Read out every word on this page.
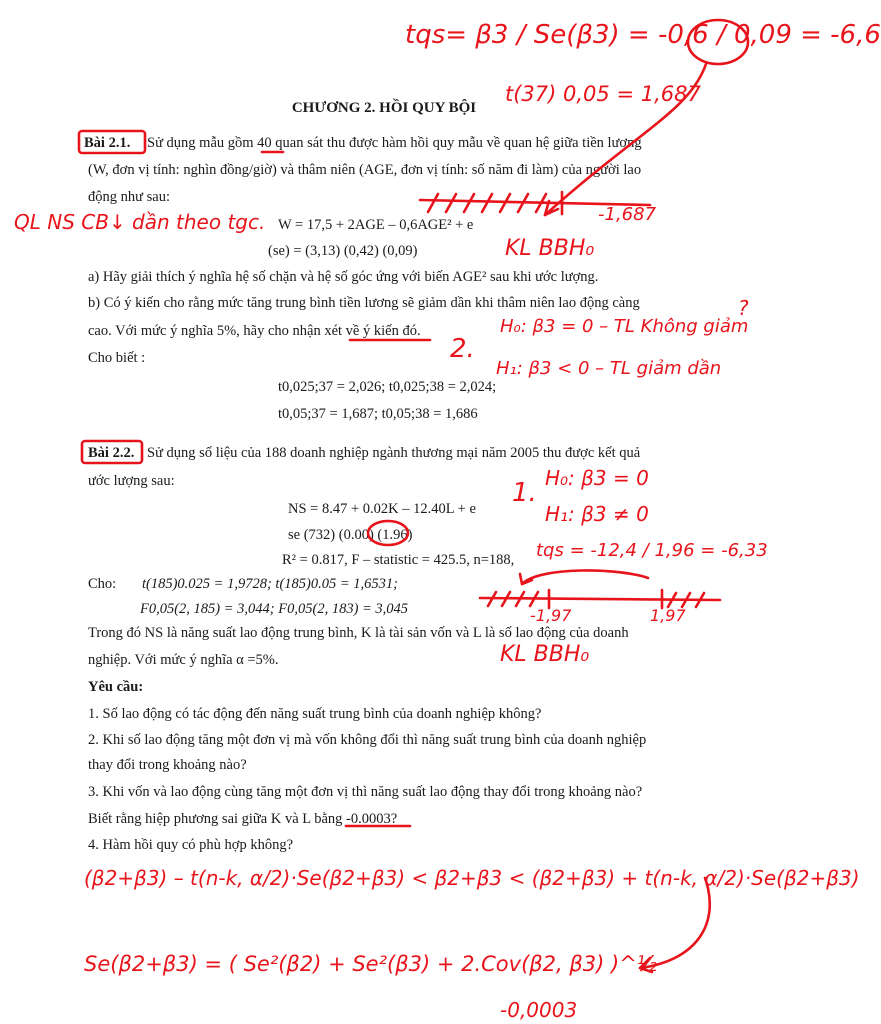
CHƯƠNG 2. HỒI QUY BỘI
Bài 2.1. Sử dụng mẫu gồm 40 quan sát thu được hàm hồi quy mẫu về quan hệ giữa tiền lương
(W, đơn vị tính: nghìn đồng/giờ) và thâm niên (AGE, đơn vị tính: số năm đi làm) của người lao
động như sau:
W = 17,5 + 2AGE – 0,6AGE² + e
(se) = (3,13) (0,42) (0,09)
a) Hãy giải thích ý nghĩa hệ số chặn và hệ số góc ứng với biến AGE² sau khi ước lượng.
b) Có ý kiến cho rằng mức tăng trung bình tiền lương sẽ giảm dần khi thâm niên lao động càng
cao. Với mức ý nghĩa 5%, hãy cho nhận xét về ý kiến đó.
Cho biết :
t0,025;37 = 2,026; t0,025;38 = 2,024;
t0,05;37 = 1,687; t0,05;38 = 1,686
Bài 2.2. Sử dụng số liệu của 188 doanh nghiệp ngành thương mại năm 2005 thu được kết quả
ước lượng sau:
NS = 8.47 + 0.02K – 12.40L + e
se (732) (0.00) (1.96)
R² = 0.817, F – statistic = 425.5, n=188,
Cho: t(185)0.025 = 1,9728; t(185)0.05 = 1,6531;
F0,05(2, 185) = 3,044; F0,05(2, 183) = 3,045
Trong đó NS là năng suất lao động trung bình, K là tài sản vốn và L là số lao động của doanh
nghiệp. Với mức ý nghĩa α =5%.
Yêu cầu:
1. Số lao động có tác động đến năng suất trung bình của doanh nghiệp không?
2. Khi số lao động tăng một đơn vị mà vốn không đổi thì năng suất trung bình của doanh nghiệp
thay đổi trong khoảng nào?
3. Khi vốn và lao động cùng tăng một đơn vị thì năng suất lao động thay đổi trong khoảng nào?
Biết rằng hiệp phương sai giữa K và L bằng -0.0003?
4. Hàm hồi quy có phù hợp không?
tqs= β3 / Se(β3) = -0,6 / 0,09 = -6,6
t(37) 0,05 = 1,687
QL NS CB↓ dần theo tgc.	-1,687
KL BBH₀
2.
H₀: β3 = 0 – TL Không giảm
H₁: β3 < 0 – TL giảm dần
?
1. H₀: β3 = 0
H₁: β3 ≠ 0
tqs = -12,4 / 1,96 = -6,33
-1,97	1,97
KL BBH₀
(β2+β3) – t(n-k, α/2)·Se(β2+β3) < β2+β3 < (β2+β3) + t(n-k, α/2)·Se(β2+β3)
Se(β2+β3) = ( Se²(β2) + Se²(β3) + 2.Cov(β2, β3) )^½
-0,0003
